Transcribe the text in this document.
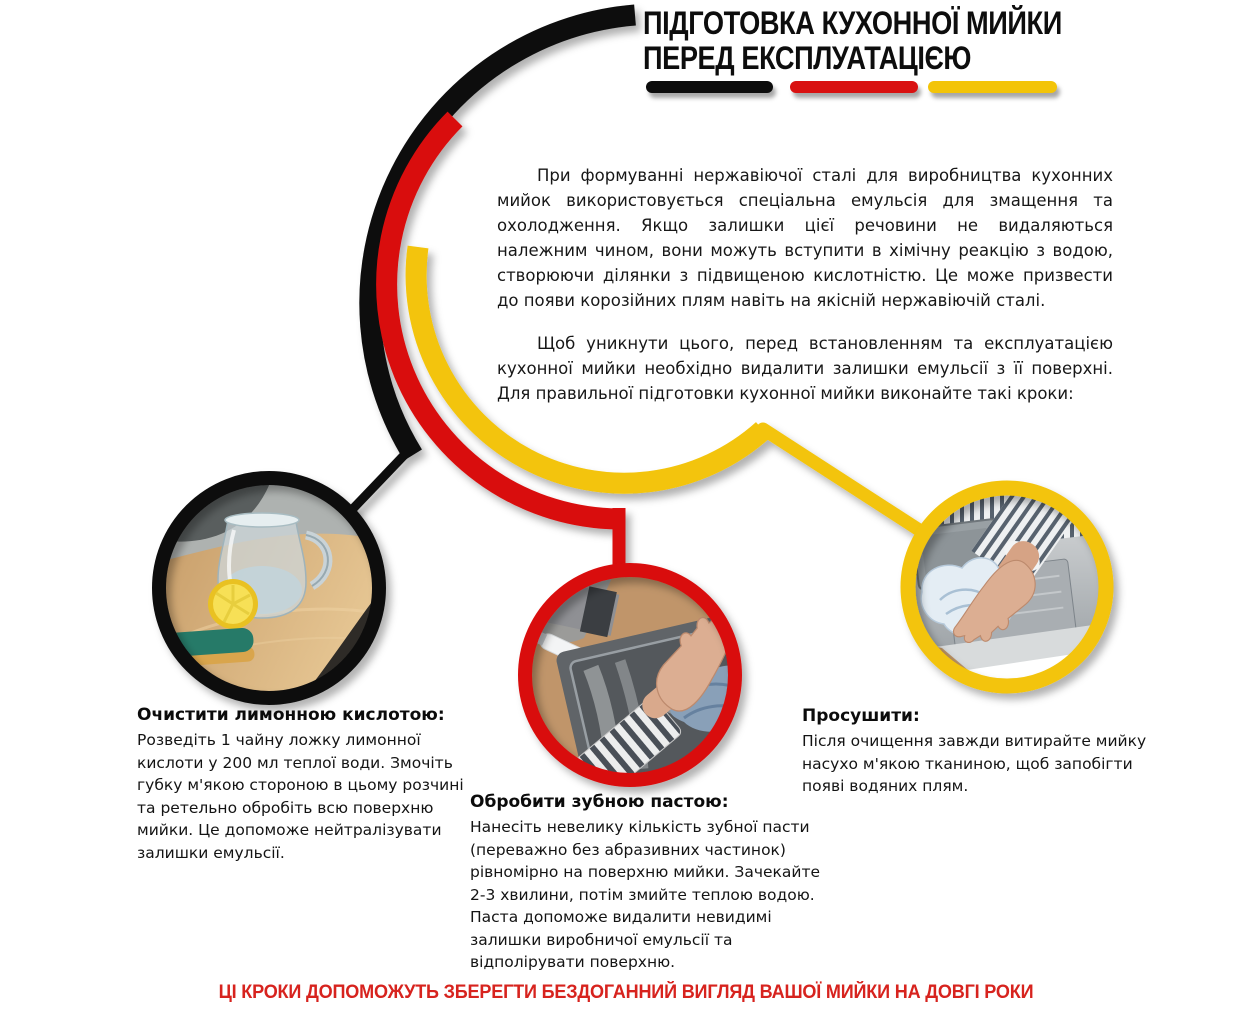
ПІДГОТОВКА КУХОННОЇ МИЙКИ
ПЕРЕД ЕКСПЛУАТАЦІЄЮ

При формуванні нержавіючої сталі для виробництва кухонних мийок використовується спеціальна емульсія для змащення та охолодження. Якщо залишки цієї речовини не видаляються належним чином, вони можуть вступити в хімічну реакцію з водою, створюючи ділянки з підвищеною кислотністю. Це може призвести до появи корозійних плям навіть на якісній нержавіючій сталі.

Щоб уникнути цього, перед встановленням та експлуатацією кухонної мийки необхідно видалити залишки емульсії з її поверхні. Для правильної підготовки кухонної мийки виконайте такі кроки:

Очистити лимонною кислотою:
Розведіть 1 чайну ложку лимонної кислоти у 200 мл теплої води. Змочіть губку м'якою стороною в цьому розчині та ретельно обробіть всю поверхню мийки. Це допоможе нейтралізувати залишки емульсії.
Обробити зубною пастою:
Нанесіть невелику кількість зубної пасти (переважно без абразивних частинок) рівномірно на поверхню мийки. Зачекайте 2-3 хвилини, потім змийте теплою водою. Паста допоможе видалити невидимі залишки виробничої емульсії та відполірувати поверхню.
Просушити:
Після очищення завжди витирайте мийку насухо м'якою тканиною, щоб запобігти появі водяних плям.
ЦІ КРОКИ ДОПОМОЖУТЬ ЗБЕРЕГТИ БЕЗДОГАННИЙ ВИГЛЯД ВАШОЇ МИЙКИ НА ДОВГІ РОКИ
